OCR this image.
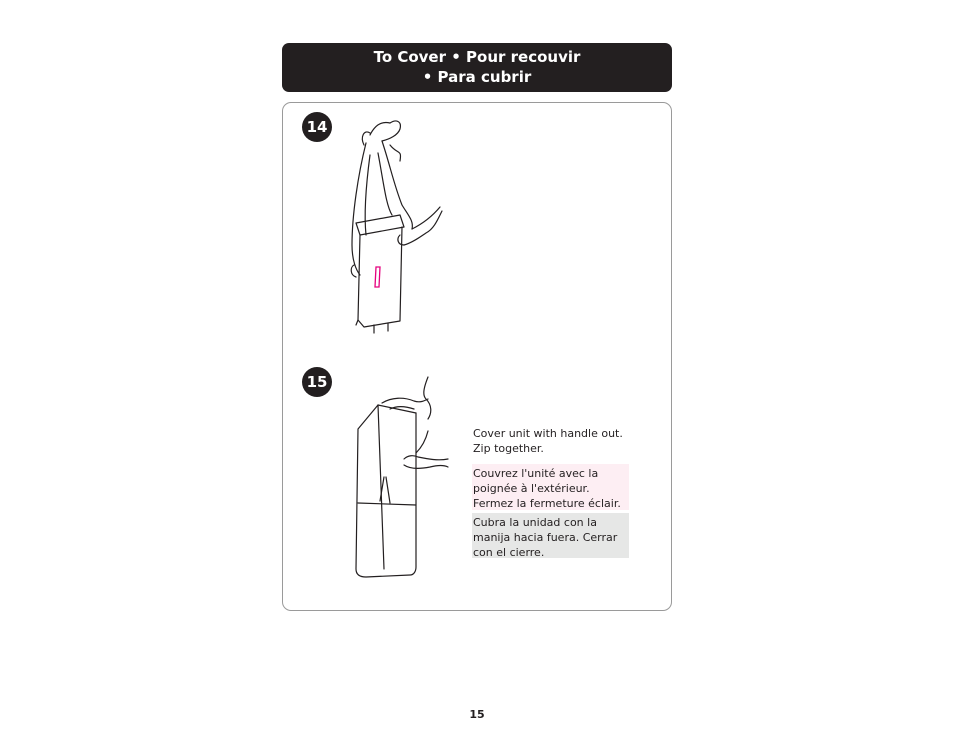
To Cover • Pour recouvir
• Para cubrir
14
15
Cover unit with handle out. Zip together.
Couvrez l'unité avec la poignée à l'extérieur. Fermez la fermeture éclair.
Cubra la unidad con la manija hacia fuera. Cerrar con el cierre.
15
